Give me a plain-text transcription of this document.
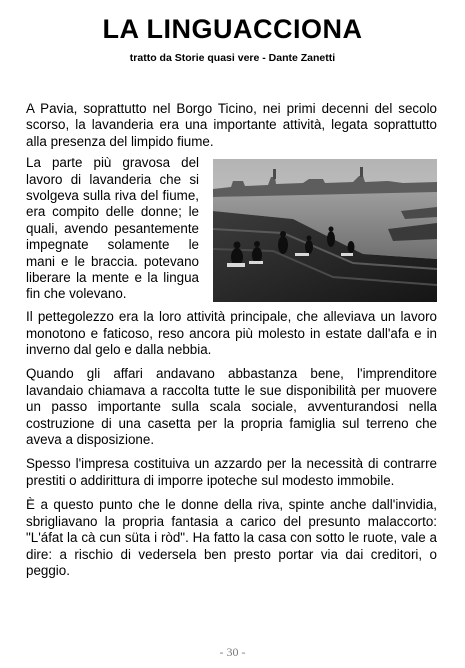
LA LINGUACCIONA
tratto da Storie quasi vere - Dante Zanetti

A Pavia, soprattutto nel Borgo Ticino, nei primi decenni del secolo scorso, la lavanderia era una importante attività, legata soprattutto alla presenza del limpido fiume.

La parte più gravosa del lavoro di lavanderia che si svolgeva sulla riva del fiume, era compito delle donne; le quali, avendo pesantemente impegnate solamente le mani e le braccia. potevano liberare la mente e la lingua fin che volevano.

Il pettegolezzo era la loro attività principale, che alleviava un lavoro monotono e faticoso, reso ancora più molesto in estate dall'afa e in inverno dal gelo e dalla nebbia.

Quando gli affari andavano abbastanza bene, l'imprenditore lavandaio chiamava a raccolta tutte le sue disponibilità per muovere un passo importante sulla scala sociale, avventurandosi nella costruzione di una casetta per la propria famiglia sul terreno che aveva a disposizione.

Spesso l'impresa costituiva un azzardo per la necessità di contrarre prestiti o addirittura di imporre ipoteche sul modesto immobile.

È a questo punto che le donne della riva, spinte anche dall'invidia, sbrigliavano la propria fantasia a carico del presunto malaccorto: "L'áfat la cà cun süta i ròd". Ha fatto la casa con sotto le ruote, vale a dire: a rischio di vedersela ben presto portar via dai creditori, o peggio.

- 30 -
